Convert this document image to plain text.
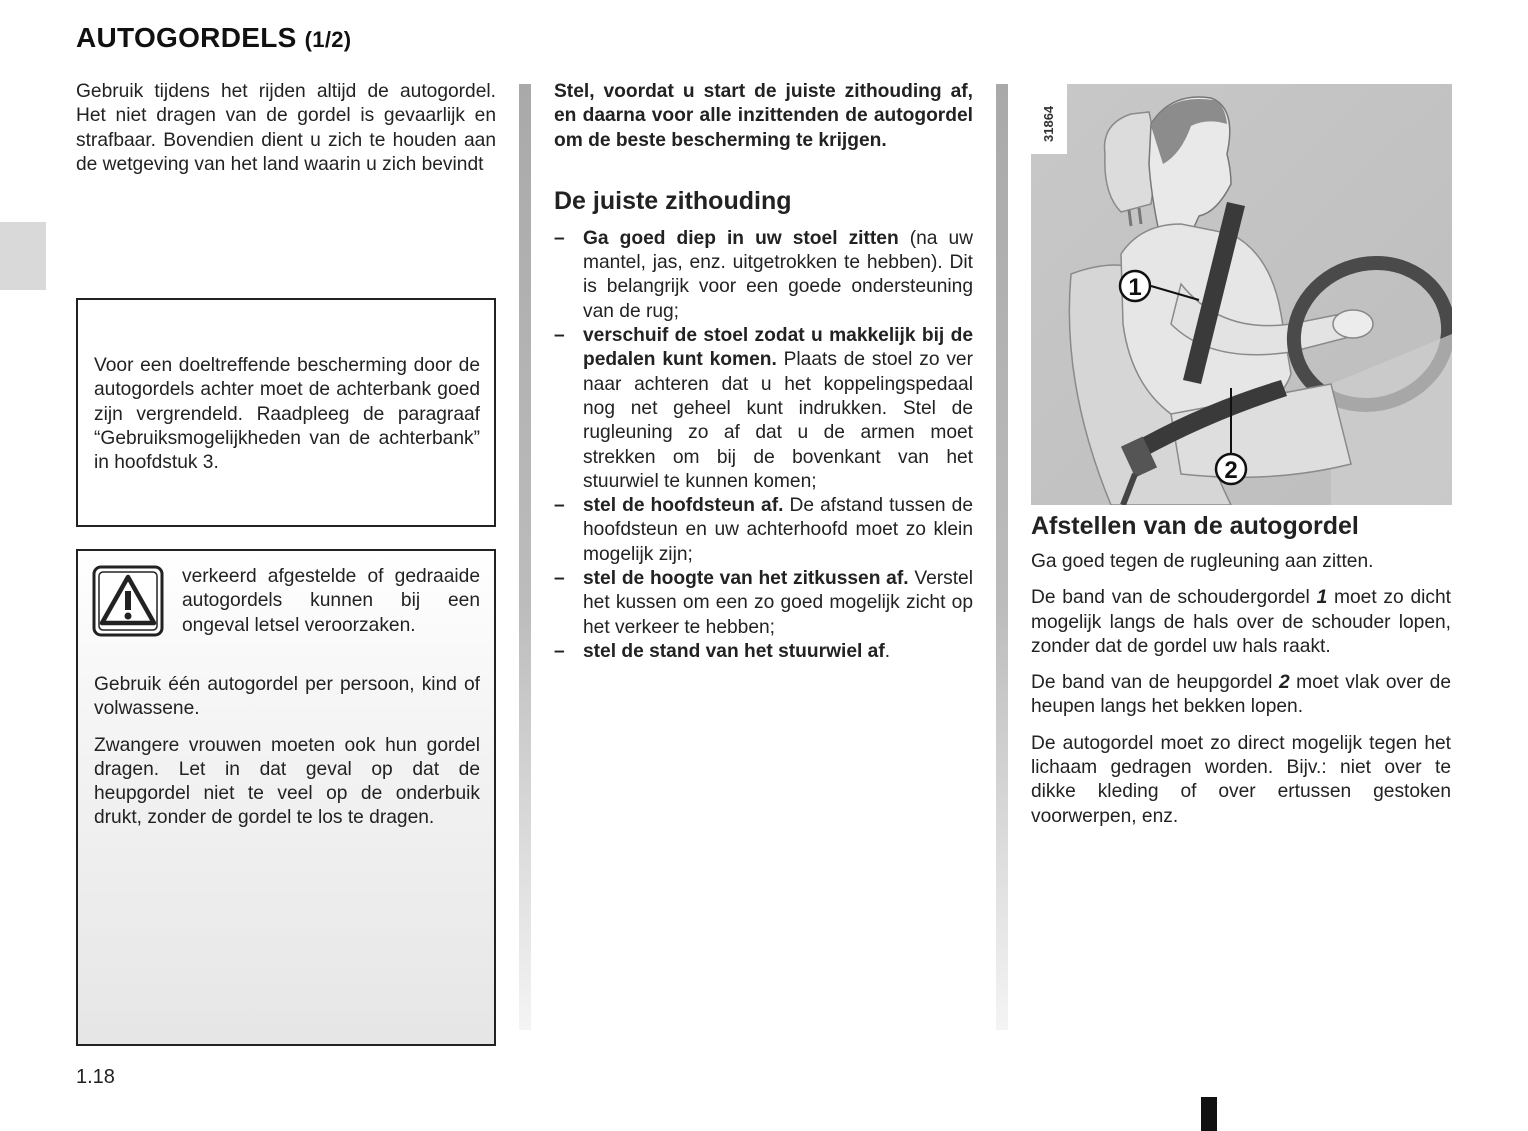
AUTOGORDELS (1/2)
Gebruik tijdens het rijden altijd de autogordel. Het niet dragen van de gordel is gevaarlijk en strafbaar. Bovendien dient u zich te houden aan de wetgeving van het land waarin u zich bevindt
Voor een doeltreffende bescherming door de autogordels achter moet de achterbank goed zijn vergrendeld. Raadpleeg de paragraaf “Gebruiksmogelijkheden van de achterbank” in hoofdstuk 3.
verkeerd afgestelde of gedraaide autogordels kunnen bij een ongeval letsel veroorzaken.

Gebruik één autogordel per persoon, kind of volwassene.

Zwangere vrouwen moeten ook hun gordel dragen. Let in dat geval op dat de heupgordel niet te veel op de onderbuik drukt, zonder de gordel te los te dragen.

Stel, voordat u start de juiste zithouding af, en daarna voor alle inzittenden de autogordel om de beste bescherming te krijgen.

De juiste zithouding

– Ga goed diep in uw stoel zitten (na uw mantel, jas, enz. uitgetrokken te hebben). Dit is belangrijk voor een goede ondersteuning van de rug;
– verschuif de stoel zodat u makkelijk bij de pedalen kunt komen. Plaats de stoel zo ver naar achteren dat u het koppelingspedaal nog net geheel kunt indrukken. Stel de rugleuning zo af dat u de armen moet strekken om bij de bovenkant van het stuurwiel te kunnen komen;
– stel de hoofdsteun af. De afstand tussen de hoofdsteun en uw achterhoofd moet zo klein mogelijk zijn;
– stel de hoogte van het zitkussen af. Verstel het kussen om een zo goed mogelijk zicht op het verkeer te hebben;
– stel de stand van het stuurwiel af.
31864
1
2

Afstellen van de autogordel

Ga goed tegen de rugleuning aan zitten.

De band van de schoudergordel 1 moet zo dicht mogelijk langs de hals over de schouder lopen, zonder dat de gordel uw hals raakt.

De band van de heupgordel 2 moet vlak over de heupen langs het bekken lopen.

De autogordel moet zo direct mogelijk tegen het lichaam gedragen worden. Bijv.: niet over te dikke kleding of over ertussen gestoken voorwerpen, enz.

1.18
